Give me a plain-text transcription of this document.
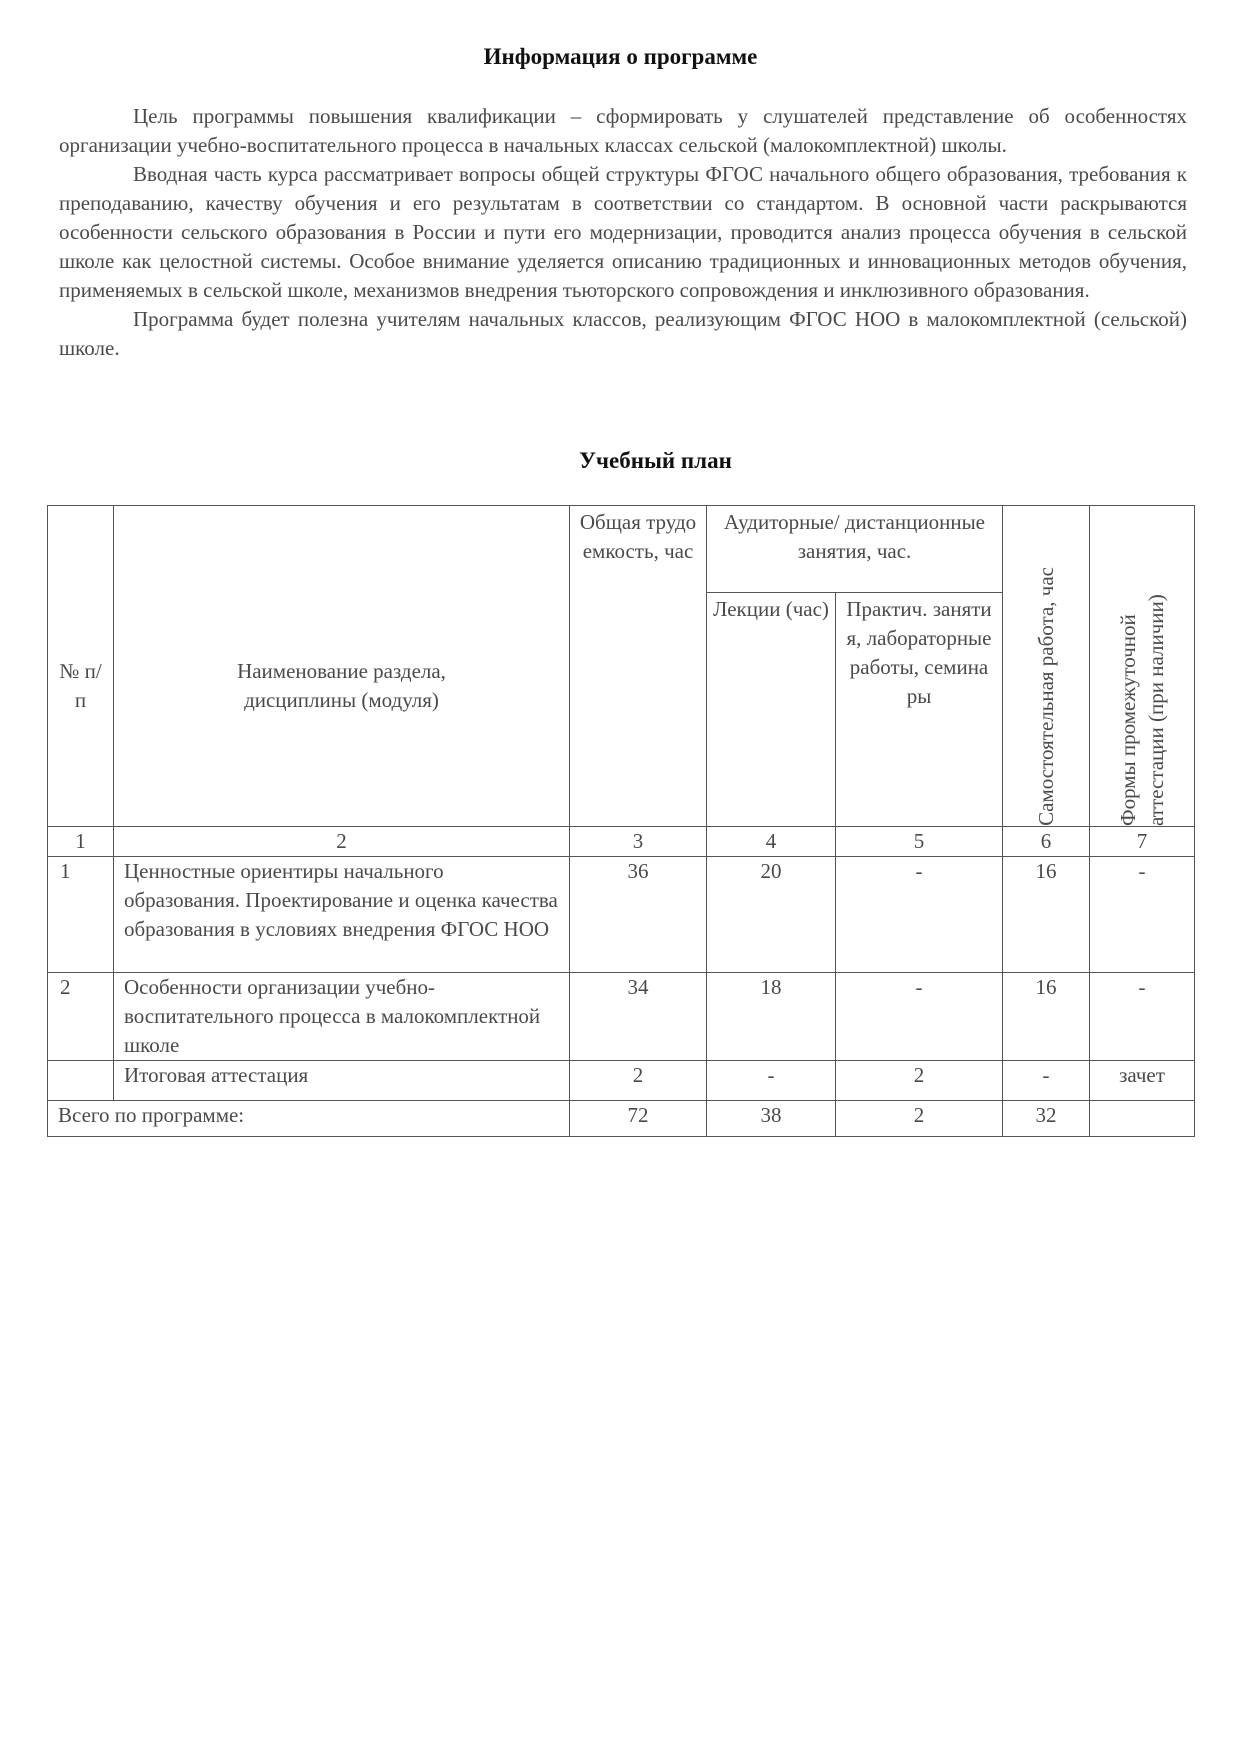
Информация о программе

Цель программы повышения квалификации – сформировать у слушателей представление об особенностях организации учебно-воспитательного процесса в начальных классах сельской (малокомплектной) школы.

Вводная часть курса рассматривает вопросы общей структуры ФГОС начального общего образования, требования к преподаванию, качеству обучения и его результатам в соответствии со стандартом. В основной части раскрываются особенности сельского образования в России и пути его модернизации, проводится анализ процесса обучения в сельской школе как целостной системы. Особое внимание уделяется описанию традиционных и инновационных методов обучения, применяемых в сельской школе, механизмов внедрения тьюторского сопровождения и инклюзивного образования.

Программа будет полезна учителям начальных классов, реализующим ФГОС НОО в малокомплектной (сельской) школе.

Учебный план
№ п/п	Наименование раздела, дисциплины (модуля)	Общая трудоемкость, час	Аудиторные/ дистанционные занятия, час.		Самостоятельная работа, час	Формы промежуточной аттестации (при наличии)

			Лекции (час)	Практич. занятия, лабораторные работы, семинары		
1	2	3	4	5	6	7
1	Ценностные ориентиры начального образования. Проектирование и оценка качества образования в условиях внедрения ФГОС НОО	36	20	-	16	-
2	Особенности организации учебно-воспитательного процесса в малокомплектной школе	34	18	-	16	-
	Итоговая аттестация	2	-	2	-	зачет
Всего по программе:		72	38	2	32	
